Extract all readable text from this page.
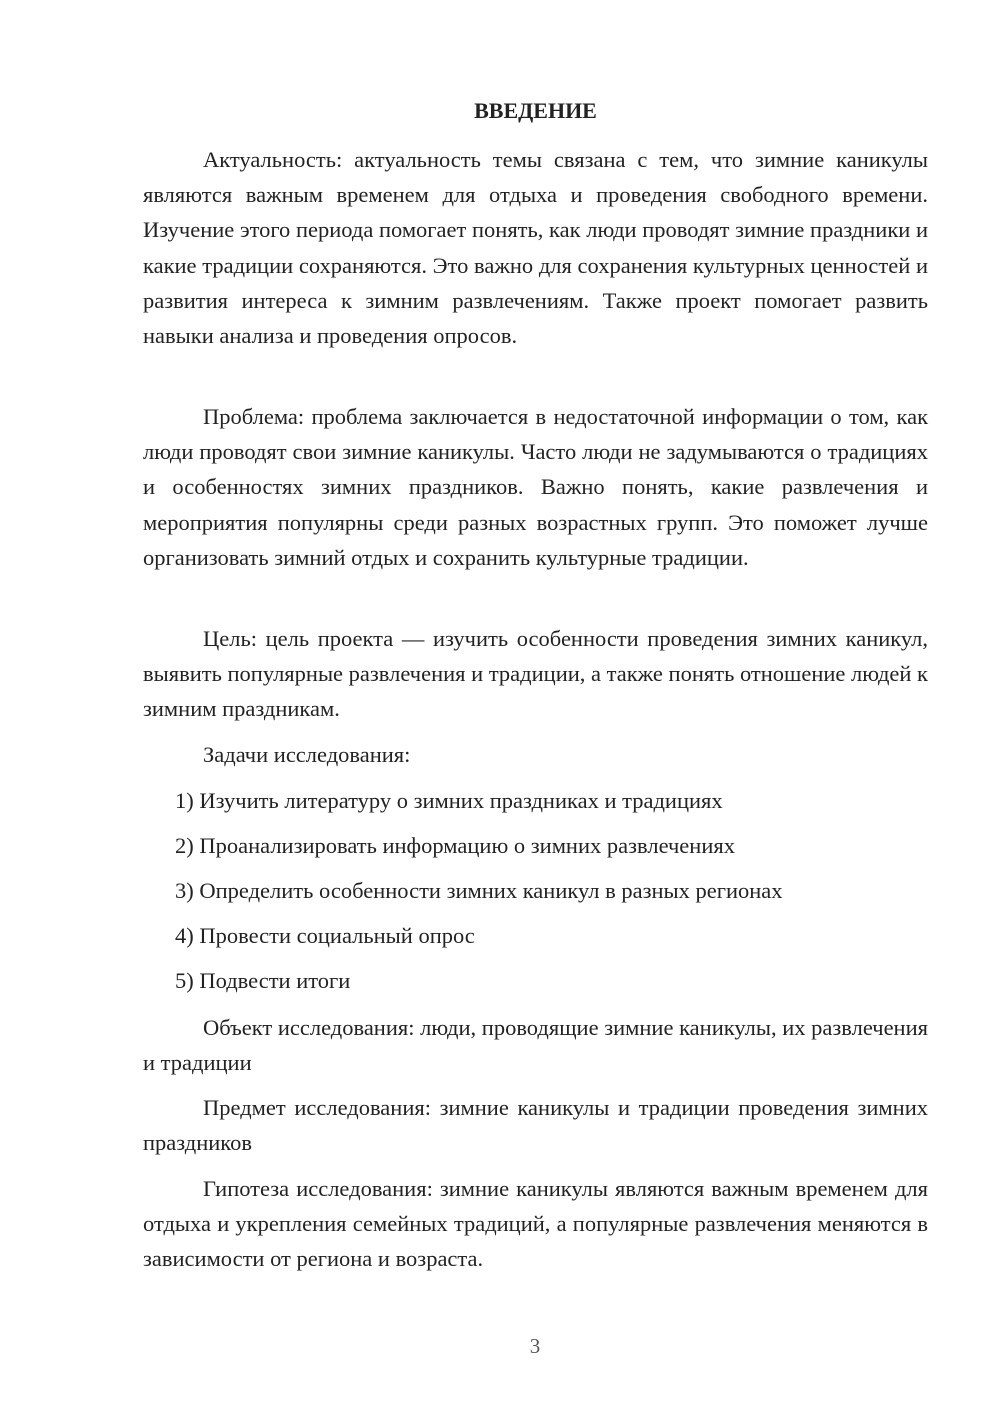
ВВЕДЕНИЕ

Актуальность: актуальность темы связана с тем, что зимние каникулы являются важным временем для отдыха и проведения свободного времени. Изучение этого периода помогает понять, как люди проводят зимние праздники и какие традиции сохраняются. Это важно для сохранения культурных ценностей и развития интереса к зимним развлечениям. Также проект помогает развить навыки анализа и проведения опросов.

Проблема: проблема заключается в недостаточной информации о том, как люди проводят свои зимние каникулы. Часто люди не задумываются о традициях и особенностях зимних праздников. Важно понять, какие развлечения и мероприятия популярны среди разных возрастных групп. Это поможет лучше организовать зимний отдых и сохранить культурные традиции.

Цель: цель проекта — изучить особенности проведения зимних каникул, выявить популярные развлечения и традиции, а также понять отношение людей к зимним праздникам.

Задачи исследования:

1) Изучить литературу о зимних праздниках и традициях

2) Проанализировать информацию о зимних развлечениях

3) Определить особенности зимних каникул в разных регионах

4) Провести социальный опрос

5) Подвести итоги

Объект исследования: люди, проводящие зимние каникулы, их развлечения и традиции

Предмет исследования: зимние каникулы и традиции проведения зимних праздников

Гипотеза исследования: зимние каникулы являются важным временем для отдыха и укрепления семейных традиций, а популярные развлечения меняются в зависимости от региона и возраста.

3
